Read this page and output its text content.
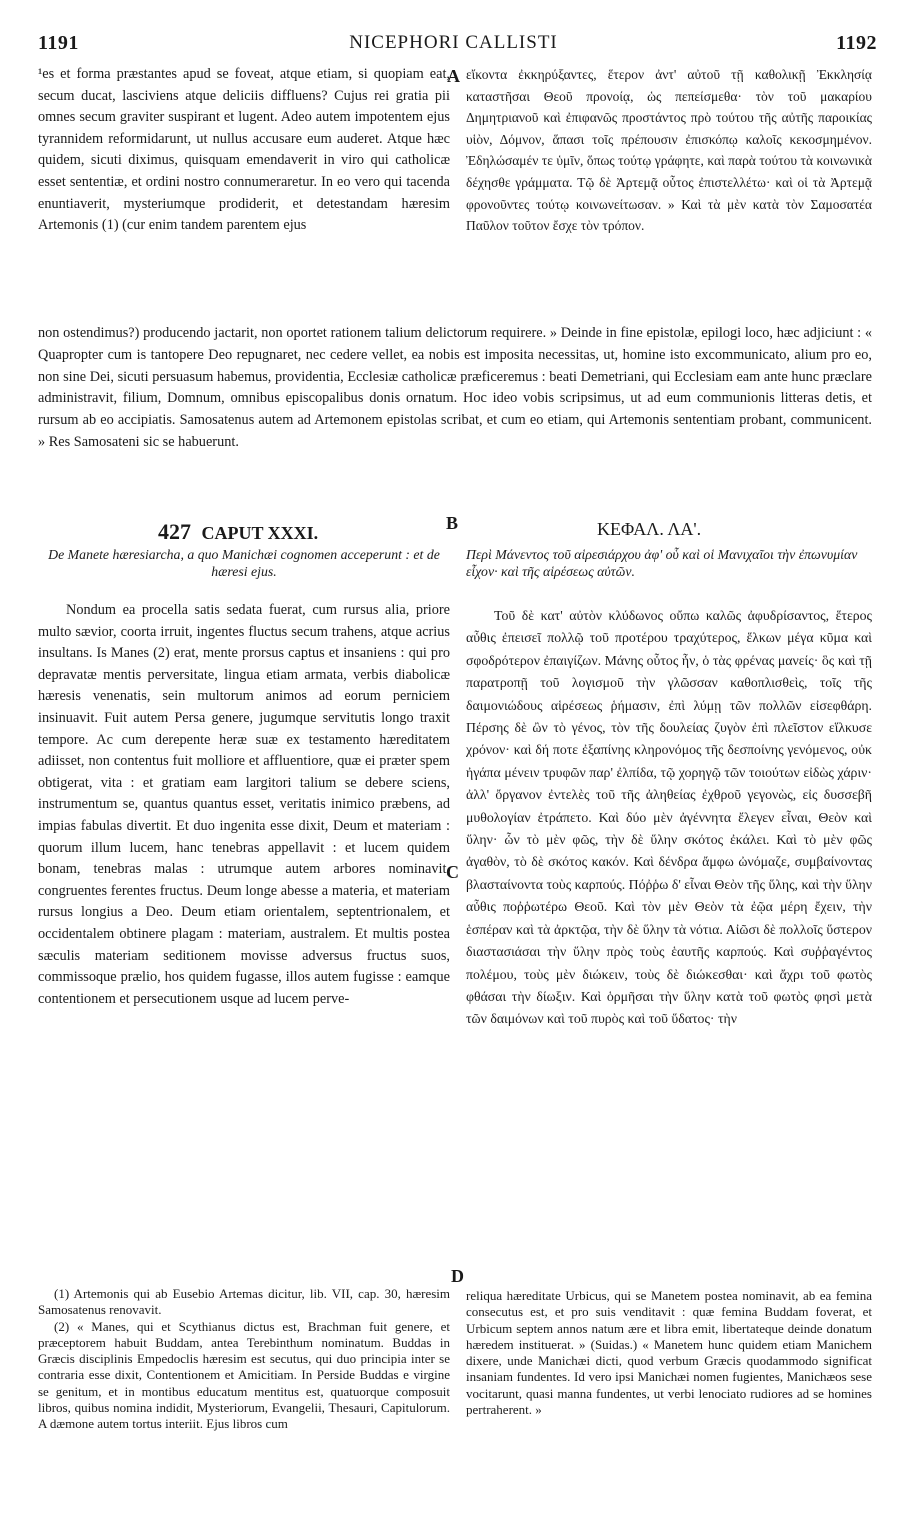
1191	NICEPHORI CALLISTI	1192
A
B
C
D

¹es et forma præstantes apud se foveat, atque etiam, si quopiam eat, secum ducat, lasciviens atque deliciis diffluens? Cujus rei gratia pii omnes secum graviter suspirant et lugent. Adeo autem impotentem ejus tyrannidem reformidarunt, ut nullus accusare eum auderet. Atque hæc quidem, sicuti diximus, quisquam emendaverit in viro qui catholicæ esset sententiæ, et ordini nostro connumeraretur. In eo vero qui tacenda enuntiaverit, mysteriumque prodiderit, et detestandam hæresim Artemonis (1) (cur enim tandem parentem ejus

εἴκοντα ἐκκηρύξαντες, ἕτερον ἀντ' αὐτοῦ τῇ καθολικῇ Ἐκκλησίᾳ καταστῆσαι Θεοῦ προνοίᾳ, ὡς πεπείσμεθα· τὸν τοῦ μακαρίου Δημητριανοῦ καὶ ἐπιφανῶς προστάντος πρὸ τούτου τῆς αὐτῆς παροικίας υἱὸν, Δόμνον, ἅπασι τοῖς πρέπουσιν ἐπισκόπῳ καλοῖς κεκοσμημένον. Ἐδηλώσαμέν τε ὑμῖν, ὅπως τούτῳ γράφητε, καὶ παρὰ τούτου τὰ κοινωνικὰ δέχησθε γράμματα. Τῷ δὲ Ἀρτεμᾷ οὗτος ἐπιστελλέτω· καὶ οἱ τὰ Ἀρτεμᾷ φρονοῦντες τούτῳ κοινωνείτωσαν. » Καὶ τὰ μὲν κατὰ τὸν Σαμοσατέα Παῦλον τοῦτον ἔσχε τὸν τρόπον.

non ostendimus?) producendo jactarit, non oportet rationem talium delictorum requirere. » Deinde in fine epistolæ, epilogi loco, hæc adjiciunt : « Quapropter cum is tantopere Deo repugnaret, nec cedere vellet, ea nobis est imposita necessitas, ut, homine isto excommunicato, alium pro eo, non sine Dei, sicuti persuasum habemus, providentia, Ecclesiæ catholicæ præficeremus : beati Demetriani, qui Ecclesiam eam ante hunc præclare administravit, filium, Domnum, omnibus episcopalibus donis ornatum. Hoc ideo vobis scripsimus, ut ad eum communionis litteras detis, et rursum ab eo accipiatis. Samosatenus autem ad Artemonem epistolas scribat, et cum eo etiam, qui Artemonis sententiam probant, communicent. » Res Samosateni sic se habuerunt.

427 CAPUT XXXI.	ΚΕΦΑΛ. ΛΑ'.
De Manete hæresiarcha, a quo Manichæi cognomen acceperunt : et de hæresi ejus.
Περὶ Μάνεντος τοῦ αἱρεσιάρχου ἀφ' οὗ καὶ οἱ Μανιχαῖοι τὴν ἐπωνυμίαν εἶχον· καὶ τῆς αἱρέσεως αὐτῶν.

Nondum ea procella satis sedata fuerat, cum rursus alia, priore multo sævior, coorta irruit, ingentes fluctus secum trahens, atque acrius insultans. Is Manes (2) erat, mente prorsus captus et insaniens : qui pro depravatæ mentis perversitate, lingua etiam armata, verbis diabolicæ hæresis venenatis, sein multorum animos ad eorum perniciem insinuavit. Fuit autem Persa genere, jugumque servitutis longo traxit tempore. Ac cum derepente heræ suæ ex testamento hæreditatem adiisset, non contentus fuit molliore et affluentiore, quæ ei præter spem obtigerat, vita : et gratiam eam largitori talium se debere sciens, instrumentum se, quantus quantus esset, veritatis inimico præbens, ad impias fabulas divertit. Et duo ingenita esse dixit, Deum et materiam : quorum illum lucem, hanc tenebras appellavit : et lucem quidem bonam, tenebras malas : utrumque autem arbores nominavit, congruentes ferentes fructus. Deum longe abesse a materia, et materiam rursus longius a Deo. Deum etiam orientalem, septentrionalem, et occidentalem obtinere plagam : materiam, australem. Et multis postea sæculis materiam seditionem movisse adversus fructus suos, commissoque prælio, hos quidem fugasse, illos autem fugisse : eamque contentionem et persecutionem usque ad lucem perve-

Τοῦ δὲ κατ' αὐτὸν κλύδωνος οὔπω καλῶς ἀφυδρίσαντος, ἕτερος αὖθις ἐπεισεῖ πολλῷ τοῦ προτέρου τραχύτερος, ἕλκων μέγα κῦμα καὶ σφοδρότερον ἐπαιγίζων. Μάνης οὗτος ἦν, ὁ τὰς φρένας μανείς· ὃς καὶ τῇ παρατροπῇ τοῦ λογισμοῦ τὴν γλῶσσαν καθοπλισθεὶς, τοῖς τῆς δαιμονιώδους αἱρέσεως ῥήμασιν, ἐπὶ λύμῃ τῶν πολλῶν εἰσεφθάρη. Πέρσης δὲ ὢν τὸ γένος, τὸν τῆς δουλείας ζυγὸν ἐπὶ πλεῖστον εἵλκυσε χρόνον· καὶ δή ποτε ἐξαπίνης κληρονόμος τῆς δεσποίνης γενόμενος, οὐκ ἠγάπα μένειν τρυφῶν παρ' ἐλπίδα, τῷ χορηγῷ τῶν τοιούτων εἰδὼς χάριν· ἀλλ' ὄργανον ἐντελὲς τοῦ τῆς ἀληθείας ἐχθροῦ γεγονὼς, εἰς δυσσεβῆ μυθολογίαν ἐτράπετο. Καὶ δύο μὲν ἀγέννητα ἔλεγεν εἶναι, Θεὸν καὶ ὕλην· ὧν τὸ μὲν φῶς, τὴν δὲ ὕλην σκότος ἐκάλει. Καὶ τὸ μὲν φῶς ἀγαθὸν, τὸ δὲ σκότος κακόν. Καὶ δένδρα ἄμφω ὠνόμαζε, συμβαίνοντας βλασταίνοντα τοὺς καρπούς. Πόῤῥω δ' εἶναι Θεὸν τῆς ὕλης, καὶ τὴν ὕλην αὖθις ποῤῥωτέρω Θεοῦ. Καὶ τὸν μὲν Θεὸν τὰ ἐῷα μέρη ἔχειν, τὴν ἑσπέραν καὶ τὰ ἀρκτῷα, τὴν δὲ ὕλην τὰ νότια. Αἰῶσι δὲ πολλοῖς ὕστερον διαστασιάσαι τὴν ὕλην πρὸς τοὺς ἑαυτῆς καρπούς. Καὶ συῤῥαγέντος πολέμου, τοὺς μὲν διώκειν, τοὺς δὲ διώκεσθαι· καὶ ἄχρι τοῦ φωτὸς φθάσαι τὴν δίωξιν. Καὶ ὁρμῆσαι τὴν ὕλην κατὰ τοῦ φωτὸς φησὶ μετὰ τῶν δαιμόνων καὶ τοῦ πυρὸς καὶ τοῦ ὕδατος· τὴν

(1) Artemonis qui ab Eusebio Artemas dicitur, lib. VII, cap. 30, hæresim Samosatenus renovavit.

(2) « Manes, qui et Scythianus dictus est, Brachman fuit genere, et præceptorem habuit Buddam, antea Terebinthum nominatum. Buddas in Græcis disciplinis Empedoclis hæresim est secutus, qui duo principia inter se contraria esse dixit, Contentionem et Amicitiam. In Perside Buddas e virgine se genitum, et in montibus educatum mentitus est, quatuorque composuit libros, quibus nomina indidit, Mysteriorum, Evangelii, Thesauri, Capitulorum. A dæmone autem tortus interiit. Ejus libros cum

reliqua hæreditate Urbicus, qui se Manetem postea nominavit, ab ea femina consecutus est, et pro suis venditavit : quæ femina Buddam foverat, et Urbicum septem annos natum ære et libra emit, libertateque deinde donatum hæredem instituerat. » (Suidas.) « Manetem hunc quidem etiam Manichem dixere, unde Manichæi dicti, quod verbum Græcis quodammodo significat insaniam fundentes. Id vero ipsi Manichæi nomen fugientes, Manichæos sese vocitarunt, quasi manna fundentes, ut verbi lenociato rudiores ad se homines pertraherent. »
